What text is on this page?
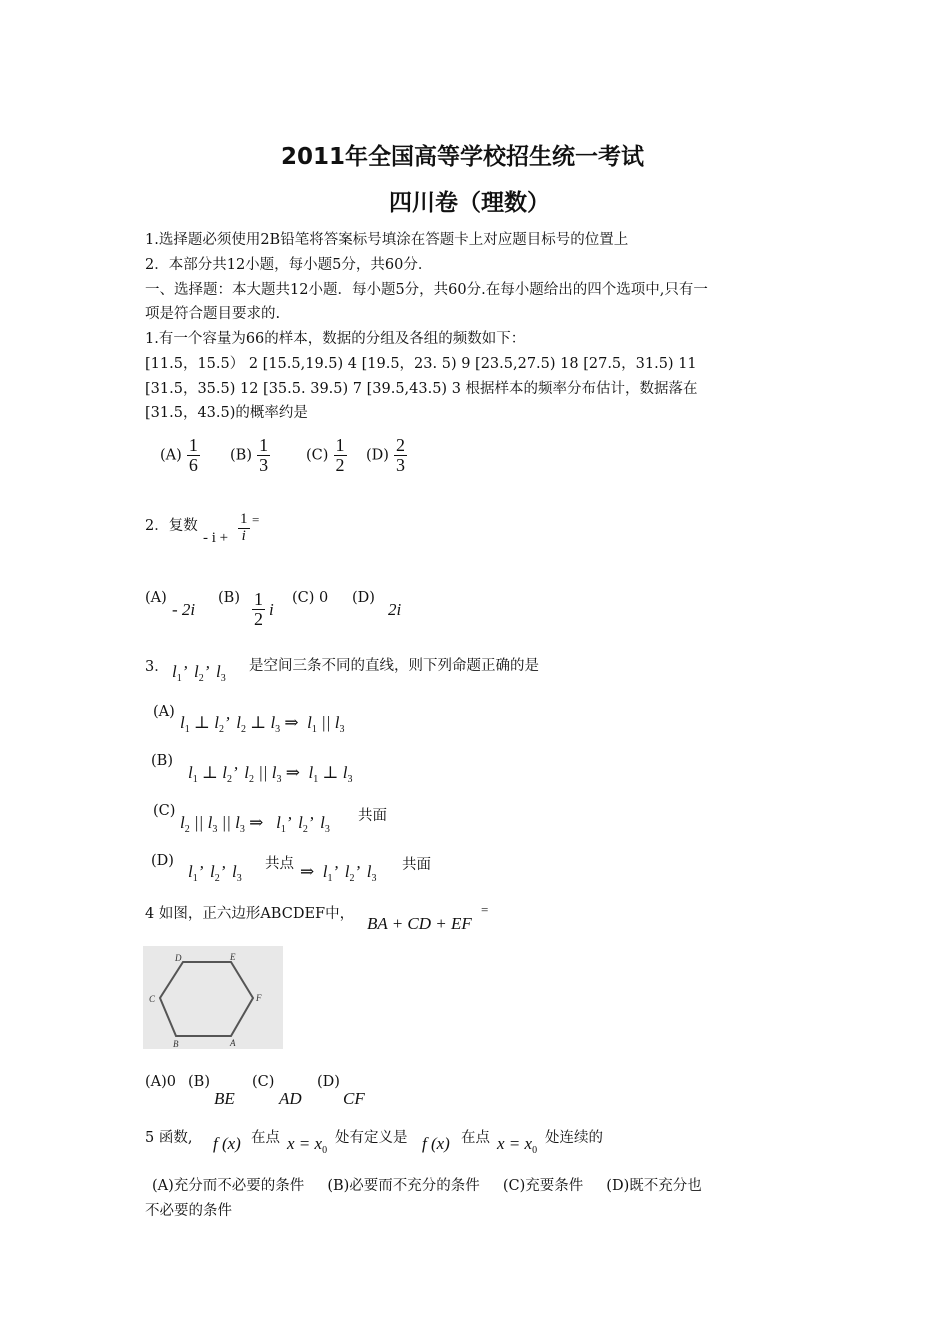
2011年全国高等学校招生统一考试
四川卷（理数）
1.选择题必须使用2B铅笔将答案标号填涂在答题卡上对应题目标号的位置上
2．本部分共12小题，每小题5分，共60分．
一、选择题：本大题共12小题．每小题5分，共60分.在每小题给出的四个选项中,只有一
项是符合题目要求的.
1.有一个容量为66的样本，数据的分组及各组的频数如下：
[11.5，15.5） 2 [15.5,19.5) 4 [19.5，23. 5) 9 [23.5,27.5) 18 [27.5，31.5) 11
[31.5，35.5) 12 [35.5. 39.5) 7 [39.5,43.5) 3 根据样本的频率分布估计，数据落在
[31.5，43.5)的概率约是
$(A) \frac{1}{6} (B) \frac{1}{3} (C) \frac{1}{2} (D) \frac{2}{3}$
2．复数
- $i + \frac{1}{i}$ =
(A)
- 2i
$(B) \frac{1}{2}$ i
(C) 0 (D)
2i
3． $l_1$’  $l_2$’  $l_3$
是空间三条不同的直线，则下列命题正确的是
(A)
$l_1$ ⊥ $l_2$’  $l_2$ ⊥ $l_3$ ⇒  $l_1$ || $l_3$
(B)
$l_1$ ⊥ $l_2$’  $l_2$ || $l_3$ ⇒  $l_1$ ⊥ $l_3$
(C)
$l_2$ || $l_3$ || $l_3$ ⇒   $l_1$’  $l_2$’  $l_3$
共面
(D)
$l_1$’  $l_2$’  $l_3$
共点 ⇒  $l_1$’  $l_2$’  $l_3$
共面
4 如图，正六边形ABCDEF中， BA + CD + EF
=
D	E
C	F
B	A
(A)0 (B)
BE
(C)
AD
(D)
CF
5 函数, f (x) 在点 $x = x_0$
处有定义是 f (x) 在点 $x = x_0$
处连续的
(A)充分而不必要的条件     (B)必要而不充分的条件     (C)充要条件     (D)既不充分也
不必要的条件
